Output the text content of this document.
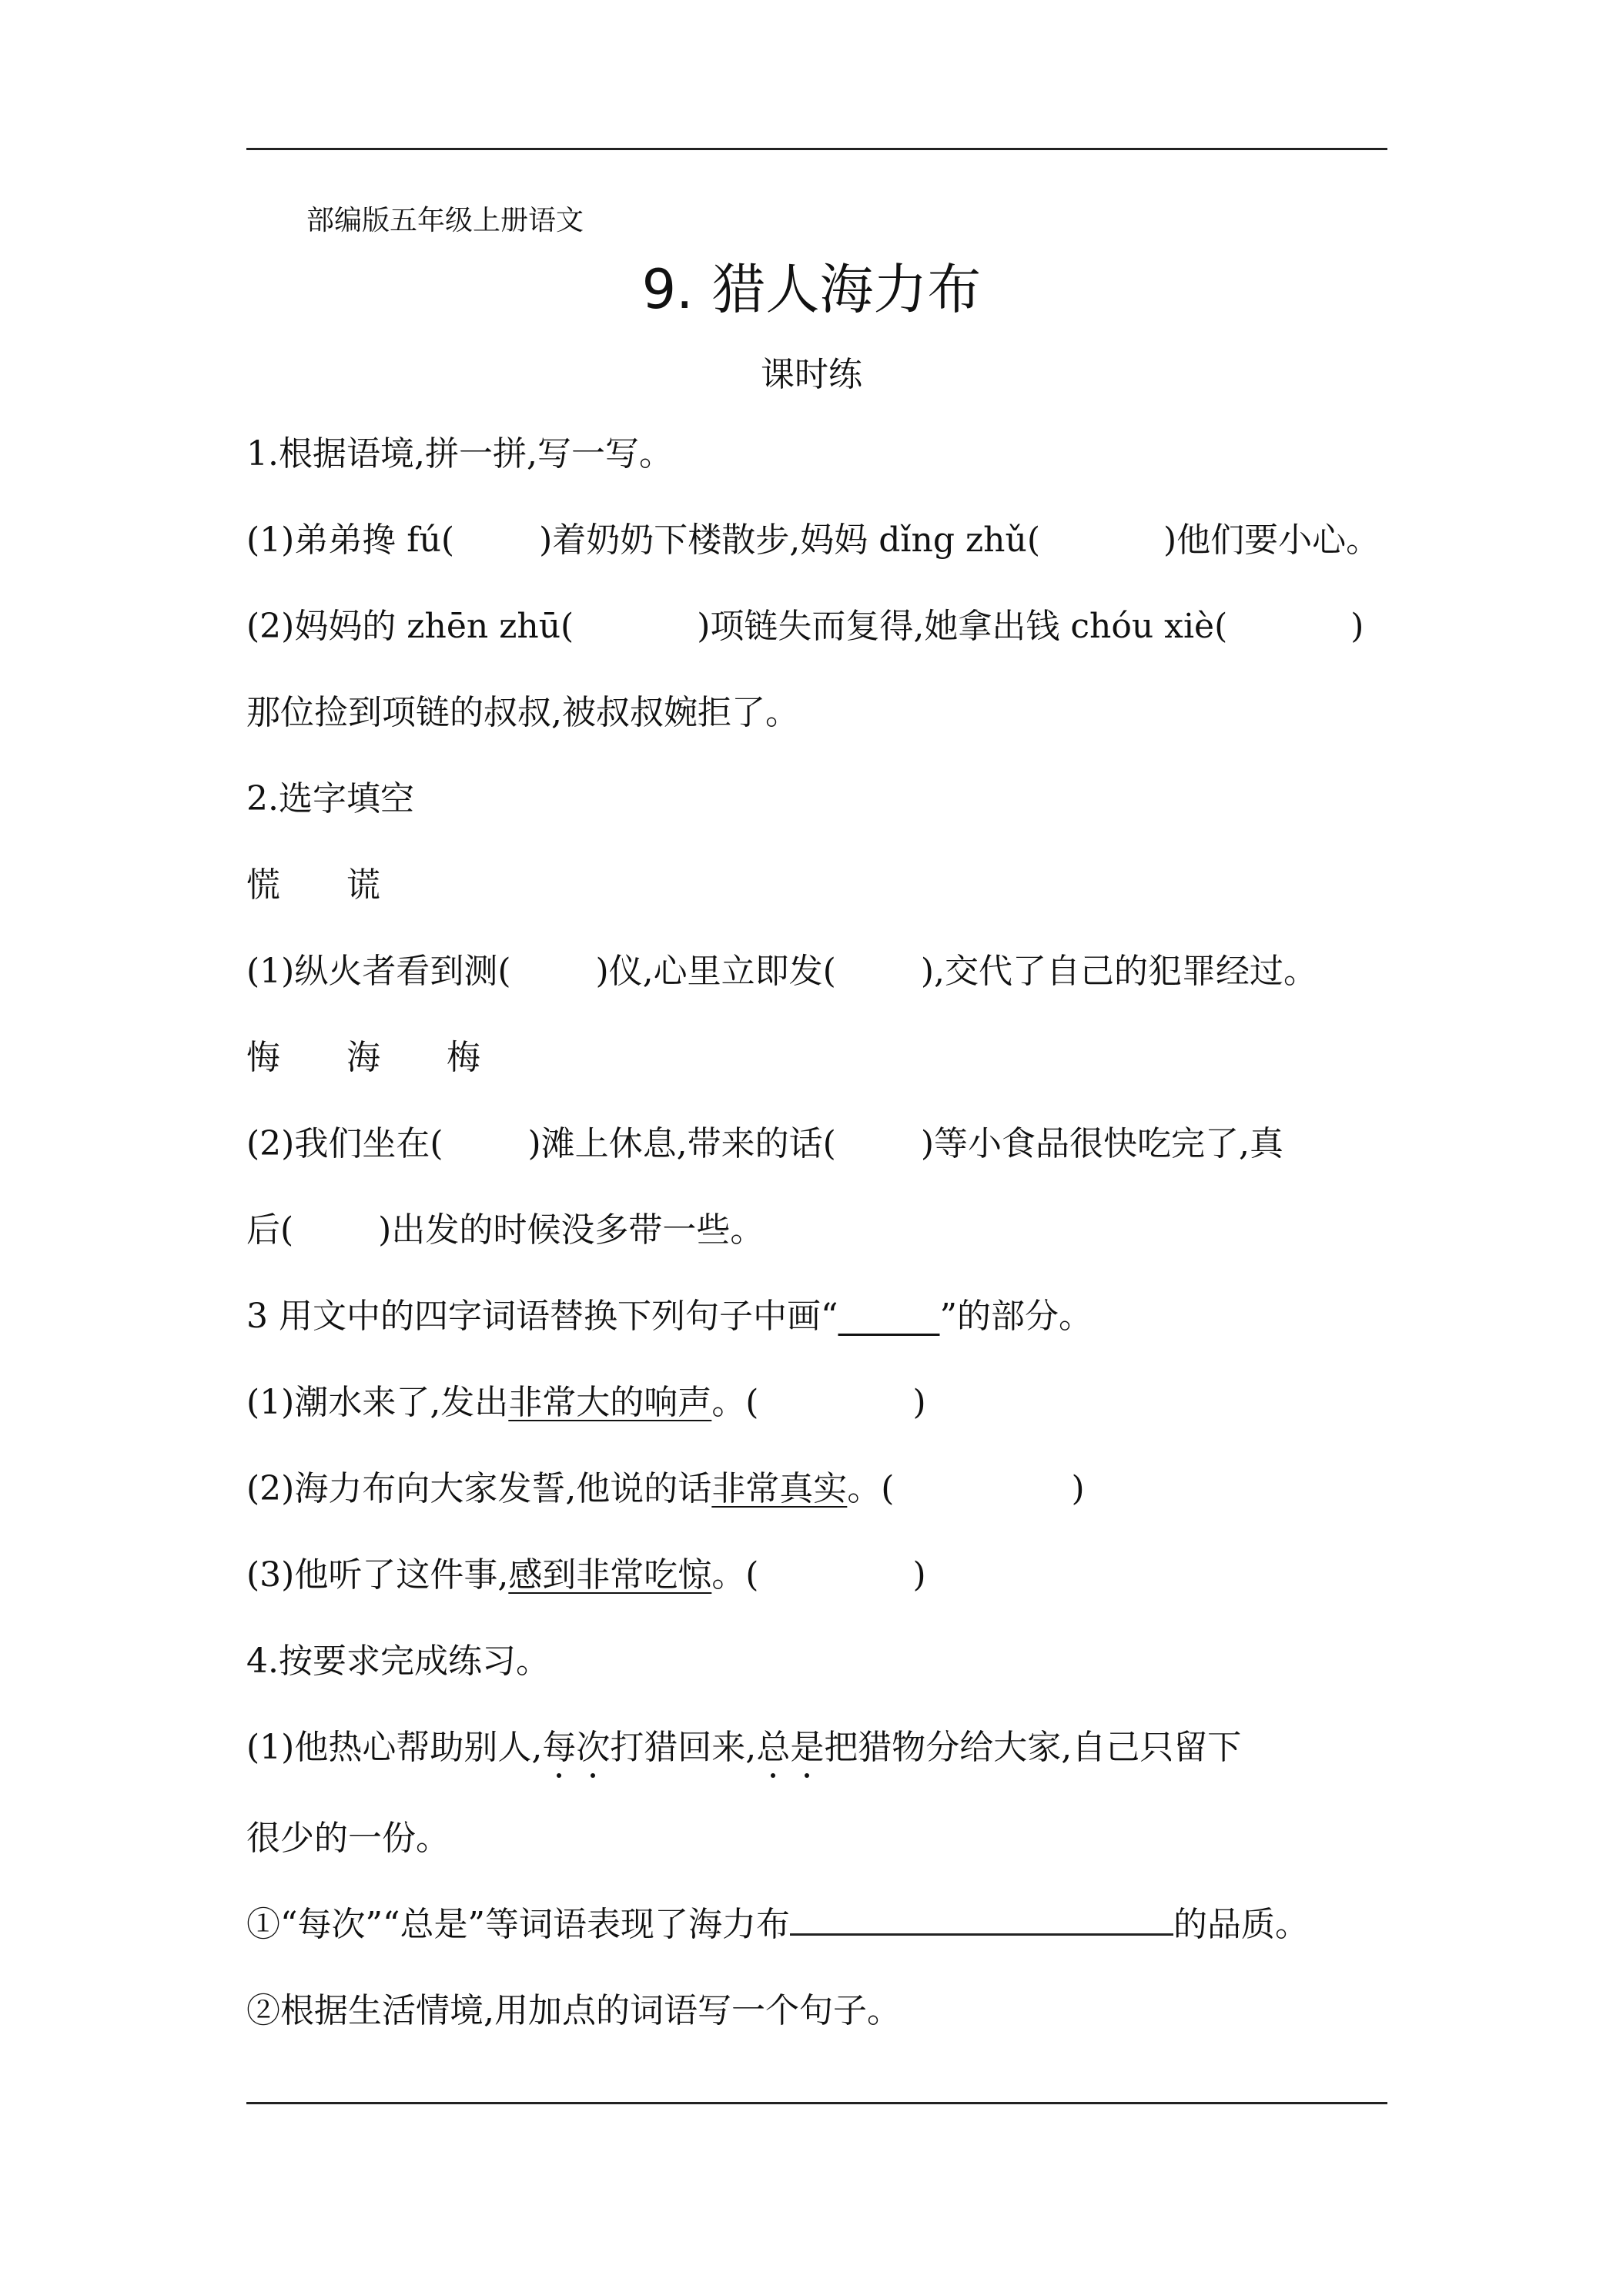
部编版五年级上册语文
9. 猎人海力布
课时练
1.根据语境,拼一拼,写一写。
(1)弟弟搀 fú(	)着奶奶下楼散步,妈妈 dǐng zhǔ(	)他们要小心。
(2)妈妈的 zhēn zhū(	)项链失而复得,她拿出钱 chóu xiè(	)
那位捡到项链的叔叔,被叔叔婉拒了。
2.选字填空
慌 谎
(1)纵火者看到测(	)仪,心里立即发(	),交代了自己的犯罪经过。
悔 海 梅
(2)我们坐在(	)滩上休息,带来的话(	)等小食品很快吃完了,真
后(	)出发的时候没多带一些。
3 用文中的四字词语替换下列句子中画“______”的部分。
(1)潮水来了,发出非常大的响声。(	)
(2)海力布向大家发誓,他说的话非常真实。(	)
(3)他听了这件事,感到非常吃惊。(	)
4.按要求完成练习。
(1)他热心帮助别人,每次打猎回来,总是把猎物分给大家,自己只留下
很少的一份。
①“每次”“总是”等词语表现了海力布	的品质。
②根据生活情境,用加点的词语写一个句子。
